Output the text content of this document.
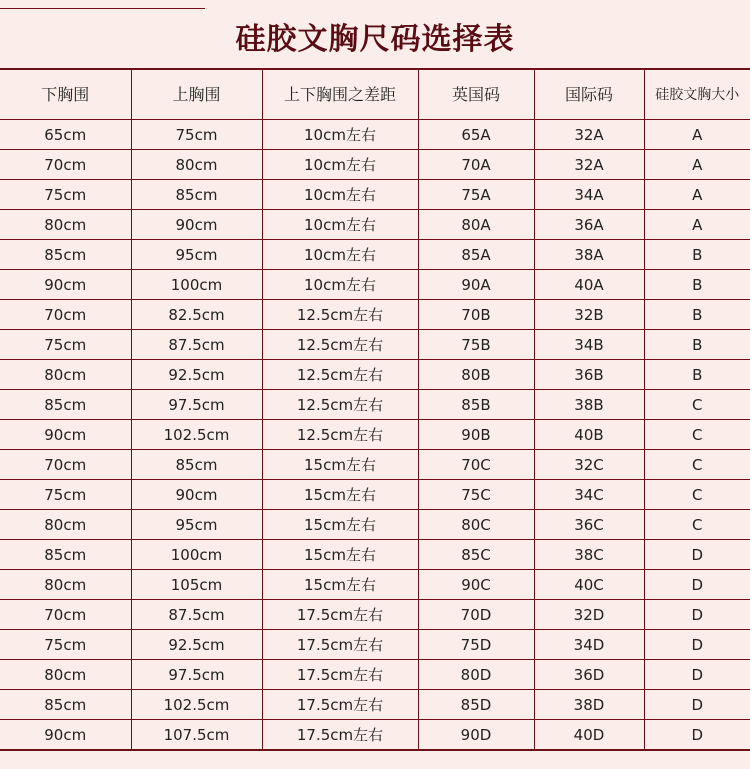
硅胶文胸尺码选择表
下胸围	上胸围	上下胸围之差距	英国码	国际码	硅胶文胸大小
65cm	75cm	10cm左右	65A	32A	A
70cm	80cm	10cm左右	70A	32A	A
75cm	85cm	10cm左右	75A	34A	A
80cm	90cm	10cm左右	80A	36A	A
85cm	95cm	10cm左右	85A	38A	B
90cm	100cm	10cm左右	90A	40A	B
70cm	82.5cm	12.5cm左右	70B	32B	B
75cm	87.5cm	12.5cm左右	75B	34B	B
80cm	92.5cm	12.5cm左右	80B	36B	B
85cm	97.5cm	12.5cm左右	85B	38B	C
90cm	102.5cm	12.5cm左右	90B	40B	C
70cm	85cm	15cm左右	70C	32C	C
75cm	90cm	15cm左右	75C	34C	C
80cm	95cm	15cm左右	80C	36C	C
85cm	100cm	15cm左右	85C	38C	D
80cm	105cm	15cm左右	90C	40C	D
70cm	87.5cm	17.5cm左右	70D	32D	D
75cm	92.5cm	17.5cm左右	75D	34D	D
80cm	97.5cm	17.5cm左右	80D	36D	D
85cm	102.5cm	17.5cm左右	85D	38D	D
90cm	107.5cm	17.5cm左右	90D	40D	D
